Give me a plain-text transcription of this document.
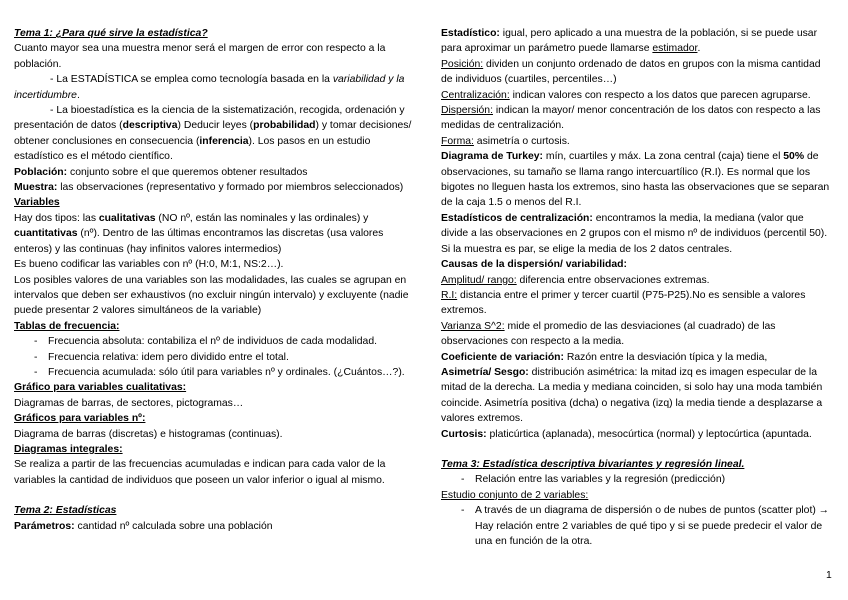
Tema 1: ¿Para qué sirve la estadística?

Cuanto mayor sea una muestra menor será el margen de error con respecto a la población.

- La ESTADÍSTICA se emplea como tecnología basada en la variabilidad y la incertidumbre.

- La bioestadística es la ciencia de la sistematización, recogida, ordenación y presentación de datos (descriptiva) Deducir leyes (probabilidad) y tomar decisiones/ obtener conclusiones en consecuencia (inferencia). Los pasos en un estudio estadístico es el método científico.

Población: conjunto sobre el que queremos obtener resultados

Muestra: las observaciones (representativo y formado por miembros seleccionados)

Variables

Hay dos tipos: las cualitativas (NO nº, están las nominales y las ordinales) y cuantitativas (nº). Dentro de las últimas encontramos las discretas (usa valores enteros) y las continuas (hay infinitos valores intermedios)

Es bueno codificar las variables con nº (H:0, M:1, NS:2…).

Los posibles valores de una variables son las modalidades, las cuales se agrupan en intervalos que deben ser exhaustivos (no excluir ningún intervalo) y excluyente (nadie puede presentar 2 valores simultáneos de la variable)

Tablas de frecuencia:

- Frecuencia absoluta: contabiliza el nº de individuos de cada modalidad.
- Frecuencia relativa: idem pero dividido entre el total.
- Frecuencia acumulada: sólo útil para variables nº y ordinales. (¿Cuántos…?).

Gráfico para variables cualitativas:

Diagramas de barras, de sectores, pictogramas…

Gráficos para variables nº:

Diagrama de barras (discretas) e histogramas (continuas).

Diagramas integrales:

Se realiza a partir de las frecuencias acumuladas e indican para cada valor de la variables la cantidad de individuos que poseen un valor inferior o igual al mismo.

Tema 2: Estadísticas

Parámetros: cantidad nº calculada sobre una población

Estadístico: igual, pero aplicado a una muestra de la población, si se puede usar para aproximar un parámetro puede llamarse estimador.

Posición: dividen un conjunto ordenado de datos en grupos con la misma cantidad de individuos (cuartiles, percentiles…)

Centralización: indican valores con respecto a los datos que parecen agruparse.

Dispersión: indican la mayor/ menor concentración de los datos con respecto a las medidas de centralización.

Forma: asimetría o curtosis.

Diagrama de Turkey: mín, cuartiles y máx. La zona central (caja) tiene el 50% de observaciones, su tamaño se llama rango intercuartílico (R.I). Es normal que los bigotes no lleguen hasta los extremos, sino hasta las observaciones que se separan de la caja 1.5 o menos del R.I.

Estadísticos de centralización: encontramos la media, la mediana (valor que divide a las observaciones en 2 grupos con el mismo nº de individuos (percentil 50). Si la muestra es par, se elige la media de los 2 datos centrales.

Causas de la dispersión/ variabilidad:

Amplitud/ rango: diferencia entre observaciones extremas.

R.I: distancia entre el primer y tercer cuartil (P75-P25).No es sensible a valores extremos.

Varianza S^2: mide el promedio de las desviaciones (al cuadrado) de las observaciones con respecto a la media.

Coeficiente de variación: Razón entre la desviación típica y la media,

Asimetría/ Sesgo: distribución asimétrica: la mitad izq es imagen especular de la mitad de la derecha. La media y mediana coinciden, si solo hay una moda también coincide. Asimetría positiva (dcha) o negativa (izq) la media tiende a desplazarse a valores extremos.

Curtosis: platicúrtica (aplanada), mesocúrtica (normal) y leptocúrtica (apuntada.

Tema 3: Estadística descriptiva bivariantes y regresión lineal.

- Relación entre las variables y la regresión (predicción)

Estudio conjunto de 2 variables:

- A través de un diagrama de dispersión o de nubes de puntos (scatter plot) → Hay relación entre 2 variables de qué tipo y si se puede predecir el valor de una en función de la otra.
1
